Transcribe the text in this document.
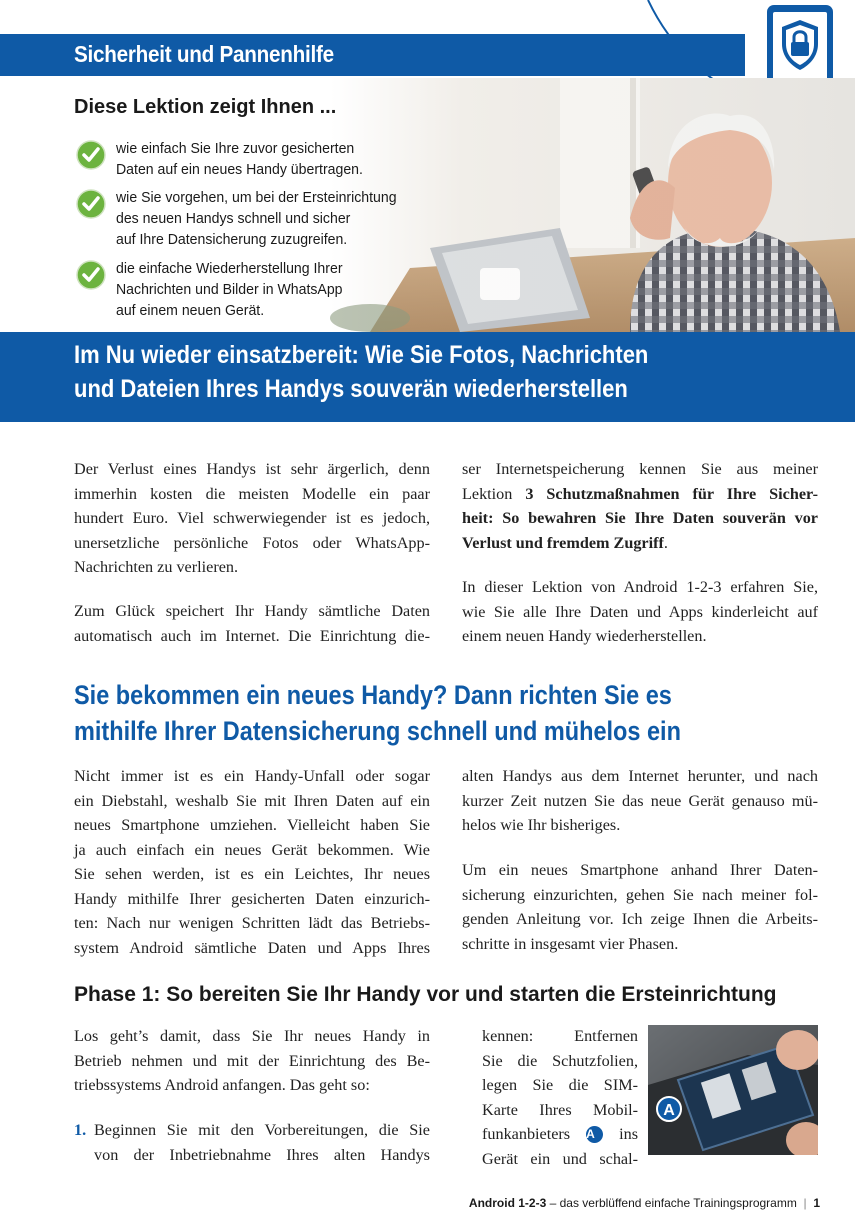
Sicherheit und Pannenhilfe
Diese Lektion zeigt Ihnen ...
wie einfach Sie Ihre zuvor gesicherten
Daten auf ein neues Handy übertragen.
wie Sie vorgehen, um bei der Ersteinrichtung
des neuen Handys schnell und sicher
auf Ihre Datensicherung zuzugreifen.
die einfache Wiederherstellung Ihrer
Nachrichten und Bilder in WhatsApp
auf einem neuen Gerät.
Im Nu wieder einsatzbereit: Wie Sie Fotos, Nachrichten
und Dateien Ihres Handys souverän wiederherstellen
Der Verlust eines Handys ist sehr ärgerlich, denn
immerhin kosten die meisten Modelle ein paar
hundert Euro. Viel schwerwiegender ist es jedoch,
unersetzliche persönliche Fotos oder WhatsApp-
Nachrichten zu verlieren.
Zum Glück speichert Ihr Handy sämtliche Daten
automatisch auch im Internet. Die Einrichtung die-
ser Internetspeicherung kennen Sie aus meiner
Lektion 3 Schutzmaßnahmen für Ihre Sicher-
heit: So bewahren Sie Ihre Daten souverän vor
Verlust und fremdem Zugriff.
In dieser Lektion von Android 1-2-3 erfahren Sie,
wie Sie alle Ihre Daten und Apps kinderleicht auf
einem neuen Handy wiederherstellen.
Sie bekommen ein neues Handy? Dann richten Sie es
mithilfe Ihrer Datensicherung schnell und mühelos ein
Nicht immer ist es ein Handy-Unfall oder sogar
ein Diebstahl, weshalb Sie mit Ihren Daten auf ein
neues Smartphone umziehen. Vielleicht haben Sie
ja auch einfach ein neues Gerät bekommen. Wie
Sie sehen werden, ist es ein Leichtes, Ihr neues
Handy mithilfe Ihrer gesicherten Daten einzurich-
ten: Nach nur wenigen Schritten lädt das Betriebs-
system Android sämtliche Daten und Apps Ihres
alten Handys aus dem Internet herunter, und nach
kurzer Zeit nutzen Sie das neue Gerät genauso mü-
helos wie Ihr bisheriges.
Um ein neues Smartphone anhand Ihrer Daten-
sicherung einzurichten, gehen Sie nach meiner fol-
genden Anleitung vor. Ich zeige Ihnen die Arbeits-
schritte in insgesamt vier Phasen.
Phase 1: So bereiten Sie Ihr Handy vor und starten die Ersteinrichtung
Los geht’s damit, dass Sie Ihr neues Handy in
Betrieb nehmen und mit der Einrichtung des Be-
triebssystems Android anfangen. Das geht so:
1. Beginnen Sie mit den Vorbereitungen, die Sie
von der Inbetriebnahme Ihres alten Handys
kennen: Entfernen
Sie die Schutzfolien,
legen Sie die SIM-
Karte Ihres Mobil-
funkanbieters A ins
Gerät ein und schal-
A
Android 1-2-3 – das verblüffend einfache Trainingsprogramm | 1
